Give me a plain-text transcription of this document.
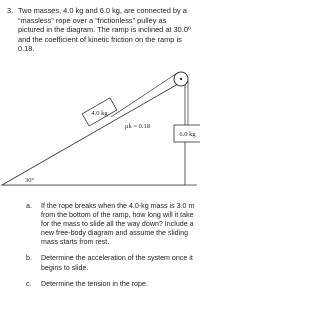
3. Two masses, 4.0 kg and 6.0 kg, are connected by a “massless” rope over a “frictionless” pulley as pictured in the diagram. The ramp is inclined at 30.0º and the coefficient of kinetic friction on the ramp is 0.18.
4.0 kg
6.0 kg
μk = 0.18
30°
a.	If the rope breaks when the 4.0-kg mass is 3.0 m from the bottom of the ramp, how long will it take for the mass to slide all the way down? Include a new free-body diagram and assume the sliding mass starts from rest.
b.	Determine the acceleration of the system once it begins to slide.
c.	Determine the tension in the rope.
